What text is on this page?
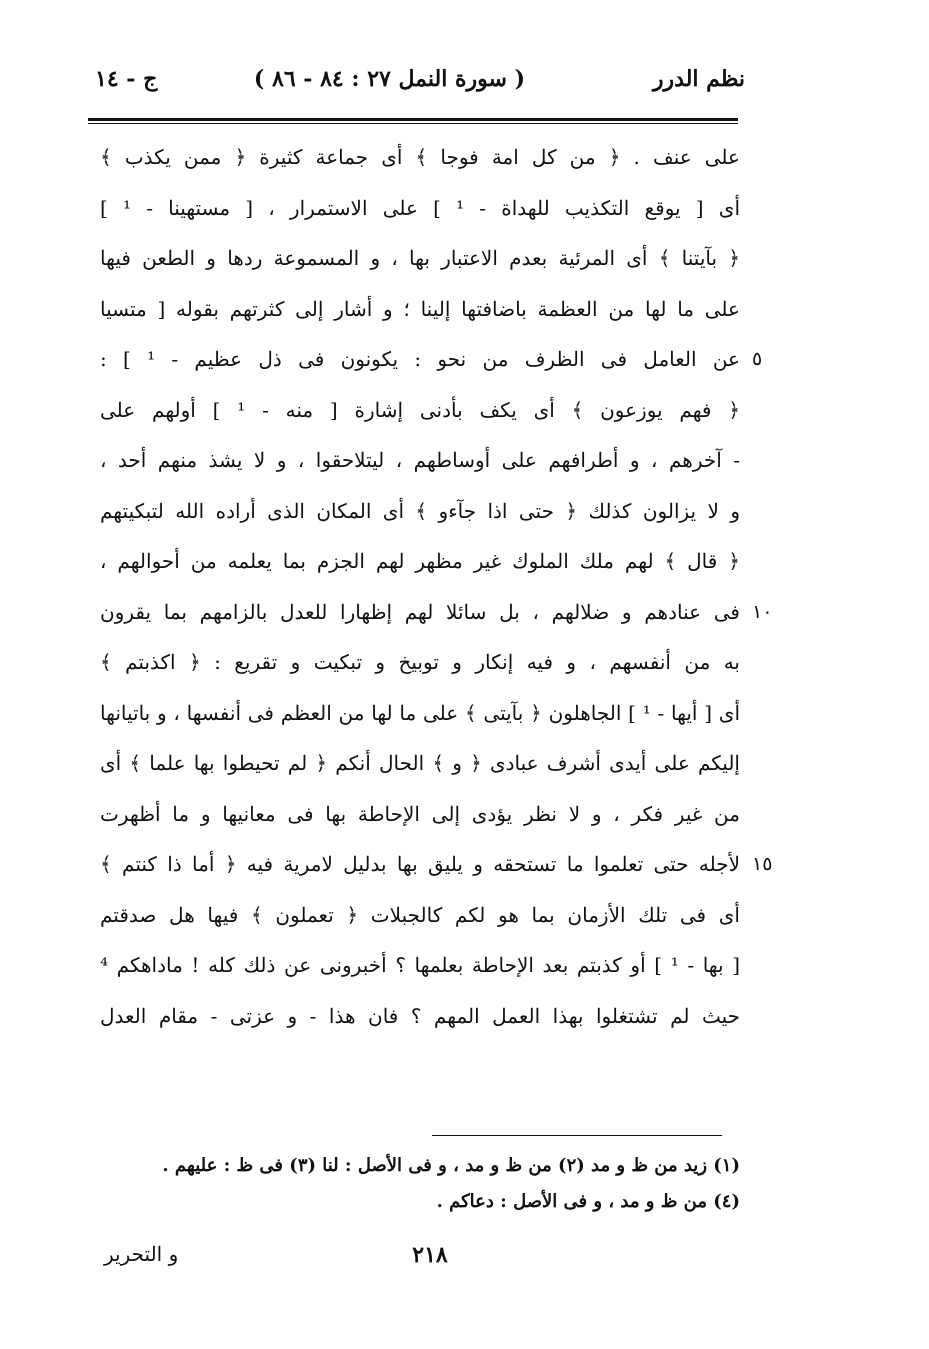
نظم الدرر
( سورة النمل ٢٧ : ٨٤ - ٨٦ )
ج - ١٤
على عنف . ﴿ من كل امة فوجا ﴾ أى جماعة كثيرة ﴿ ممن يكذب ﴾
أى [ يوقع التكذيب للهداة - ¹ ] على الاستمرار ، [ مستهينا - ¹ ]
﴿ بآيتنا ﴾ أى المرئية بعدم الاعتبار بها ، و المسموعة ردها و الطعن فيها
على ما لها من العظمة باضافتها إلينا ؛ و أشار إلى كثرتهم بقوله [ متسيا
عن العامل فى الظرف من نحو : يكونون فى ذل عظيم - ¹ ] :
﴿ فهم يوزعون ﴾ أى يكف بأدنى إشارة [ منه - ¹ ] أولهم على
- آخرهم ، و أطرافهم على أوساطهم ، ليتلاحقوا ، و لا يشذ منهم أحد ،
و لا يزالون كذلك ﴿ حتى اذا جآءو ﴾ أى المكان الذى أراده الله لتبكيتهم
﴿ قال ﴾ لهم ملك الملوك غير مظهر لهم الجزم بما يعلمه من أحوالهم ،
فى عنادهم و ضلالهم ، بل سائلا لهم إظهارا للعدل بالزامهم بما يقرون
به من أنفسهم ، و فيه إنكار و توبيخ و تبكيت و تقريع : ﴿ اكذبتم ﴾
أى [ أيها - ¹ ] الجاهلون ﴿ بآيتى ﴾ على ما لها من العظم فى أنفسها ، و باتيانها
إليكم على أيدى أشرف عبادى ﴿ و ﴾ الحال أنكم ﴿ لم تحيطوا بها علما ﴾ أى
من غير فكر ، و لا نظر يؤدى إلى الإحاطة بها فى معانيها و ما أظهرت
لأجله حتى تعلموا ما تستحقه و يليق بها بدليل لامرية فيه ﴿ أما ذا كنتم ﴾
أى فى تلك الأزمان بما هو لكم كالجبلات ﴿ تعملون ﴾ فيها هل صدقتم
[ بها - ¹ ] أو كذبتم بعد الإحاطة بعلمها ؟ أخبرونى عن ذلك كله ! ماداهكم ⁴
حيث لم تشتغلوا بهذا العمل المهم ؟ فان هذا - و عزتى - مقام العدل
٥
١٠
١٥
(١) زيد من ظ و مد (٢) من ظ و مد ، و فى الأصل : لنا (٣) فى ظ : عليهم .
(٤) من ظ و مد ، و فى الأصل : دعاكم .
٢١٨
و التحرير
